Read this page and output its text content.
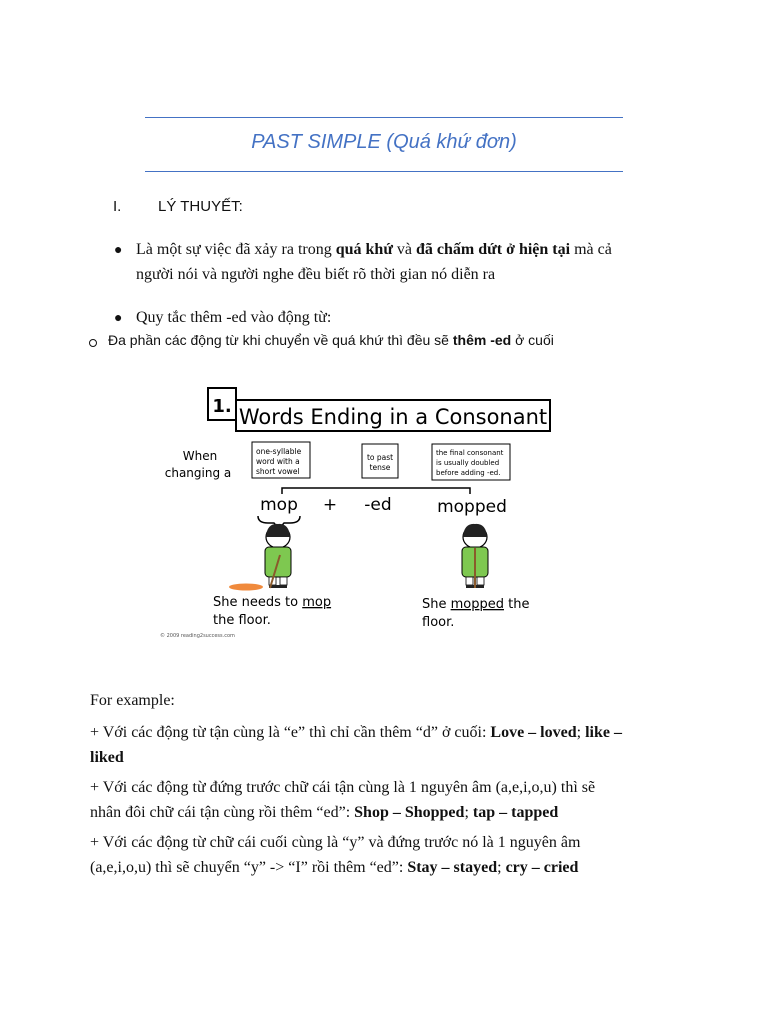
PAST SIMPLE (Quá khứ đơn)
I. LÝ THUYẾT:
● Là một sự việc đã xảy ra trong quá khứ và đã chấm dứt ở hiện tại mà cả
người nói và người nghe đều biết rõ thời gian nó diễn ra
● Quy tắc thêm -ed vào động từ:
Đa phần các động từ khi chuyển về quá khứ thì đều sẽ thêm -ed ở cuối
1. Words Ending in a Consonant
When
changing a
one-syllable
word with a
short vowel
to past
tense
the final consonant
is usually doubled
before adding -ed.
mop + -ed	mopped
She needs to mop
the floor.
She mopped the
floor.
© 2009 reading2success.com
For example:
+ Với các động từ tận cùng là “e” thì chỉ cần thêm “d” ở cuối: Love – loved; like –
liked
+ Với các động từ đứng trước chữ cái tận cùng là 1 nguyên âm (a,e,i,o,u) thì sẽ
nhân đôi chữ cái tận cùng rồi thêm “ed”: Shop – Shopped; tap – tapped
+ Với các động từ chữ cái cuối cùng là “y” và đứng trước nó là 1 nguyên âm
(a,e,i,o,u) thì sẽ chuyển “y” -> “I” rồi thêm “ed”: Stay – stayed; cry – cried
